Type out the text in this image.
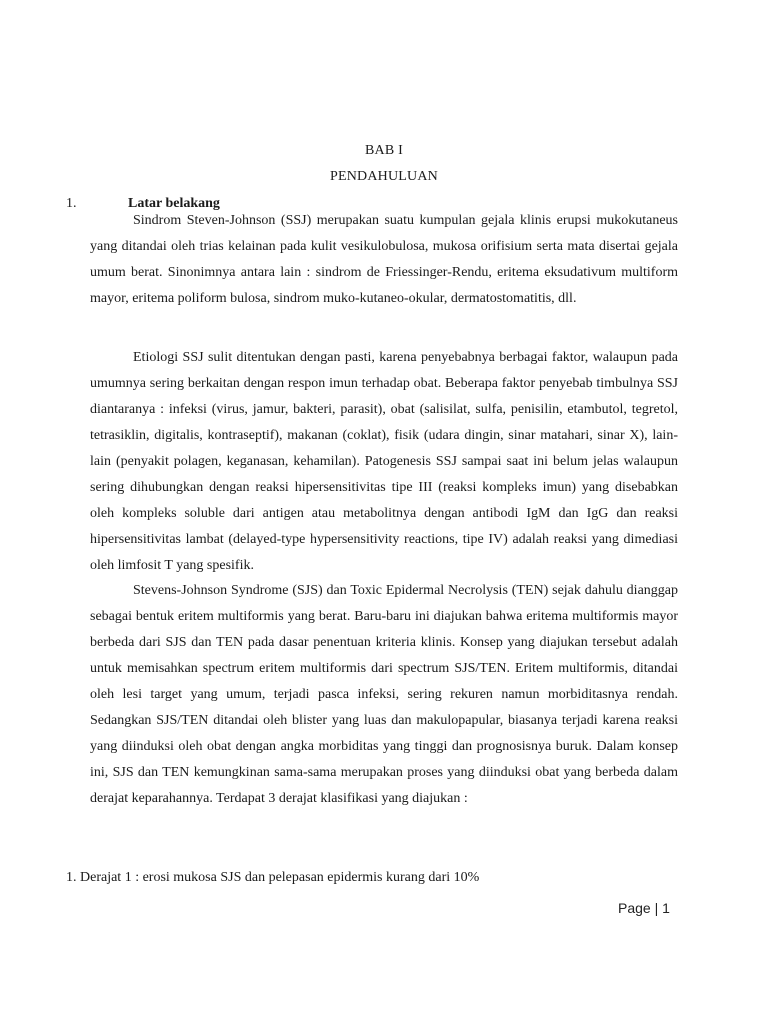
BAB I
PENDAHULUAN
1.	Latar belakang

Sindrom Steven-Johnson (SSJ) merupakan suatu kumpulan gejala klinis erupsi mukokutaneus yang ditandai oleh trias kelainan pada kulit vesikulobulosa, mukosa orifisium serta mata disertai gejala umum berat. Sinonimnya antara lain : sindrom de Friessinger-Rendu, eritema eksudativum multiform mayor, eritema poliform bulosa, sindrom muko-kutaneo-okular, dermatostomatitis, dll.

Etiologi SSJ sulit ditentukan dengan pasti, karena penyebabnya berbagai faktor, walaupun pada umumnya sering berkaitan dengan respon imun terhadap obat. Beberapa faktor penyebab timbulnya SSJ diantaranya : infeksi (virus, jamur, bakteri, parasit), obat (salisilat, sulfa, penisilin, etambutol, tegretol, tetrasiklin, digitalis, kontraseptif), makanan (coklat), fisik (udara dingin, sinar matahari, sinar X), lain-lain (penyakit polagen, keganasan, kehamilan). Patogenesis SSJ sampai saat ini belum jelas walaupun sering dihubungkan dengan reaksi hipersensitivitas tipe III (reaksi kompleks imun) yang disebabkan oleh kompleks soluble dari antigen atau metabolitnya dengan antibodi IgM dan IgG dan reaksi hipersensitivitas lambat (delayed-type hypersensitivity reactions, tipe IV) adalah reaksi yang dimediasi oleh limfosit T yang spesifik.

Stevens-Johnson Syndrome (SJS) dan Toxic Epidermal Necrolysis (TEN) sejak dahulu dianggap sebagai bentuk eritem multiformis yang berat. Baru-baru ini diajukan bahwa eritema multiformis mayor berbeda dari SJS dan TEN pada dasar penentuan kriteria klinis. Konsep yang diajukan tersebut adalah untuk memisahkan spectrum eritem multiformis dari spectrum SJS/TEN. Eritem multiformis, ditandai oleh lesi target yang umum, terjadi pasca infeksi, sering rekuren namun morbiditasnya rendah. Sedangkan SJS/TEN ditandai oleh blister yang luas dan makulopapular, biasanya terjadi karena reaksi yang diinduksi oleh obat dengan angka morbiditas yang tinggi dan prognosisnya buruk. Dalam konsep ini, SJS dan TEN kemungkinan sama-sama merupakan proses yang diinduksi obat yang berbeda dalam derajat keparahannya. Terdapat 3 derajat klasifikasi yang diajukan :

1. Derajat 1 : erosi mukosa SJS dan pelepasan epidermis kurang dari 10%
Page | 1
